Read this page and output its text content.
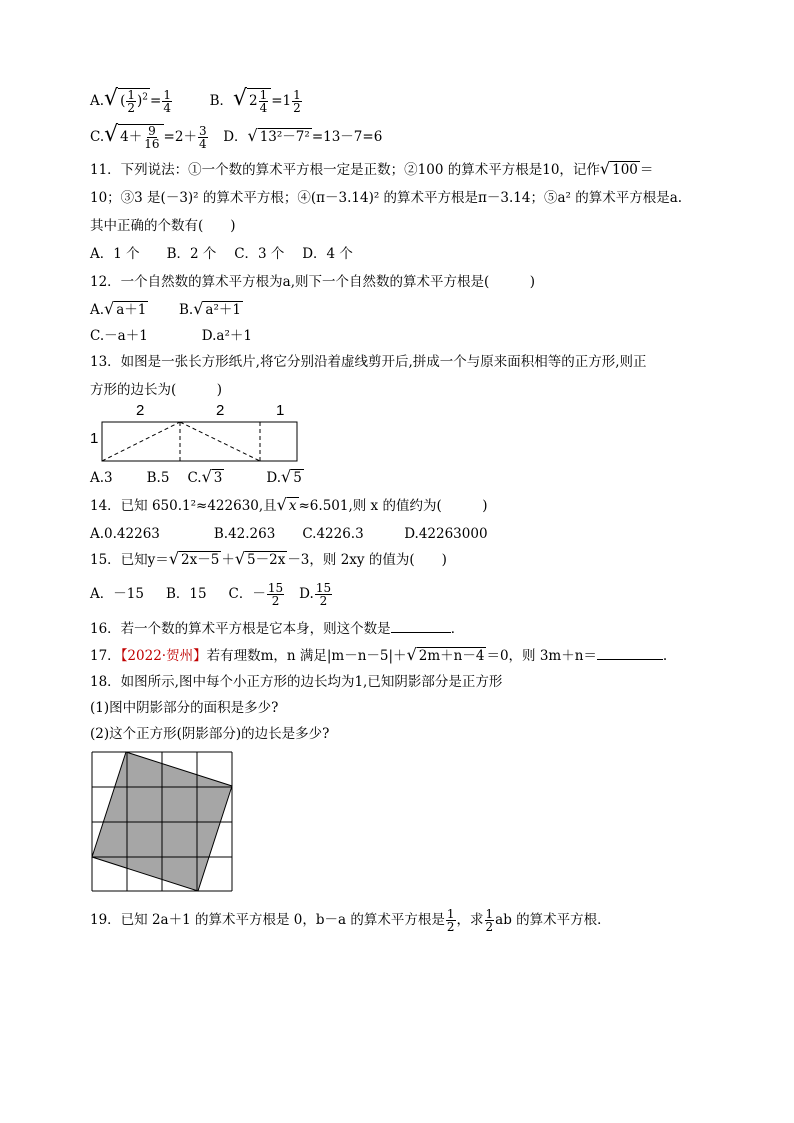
A.√ ( $\frac{1}{2} )^2 = \frac{1}{4}$	B．√ $2 \frac{1}{4} =1 \frac{1}{2}$
C.√ $4+ \frac{9}{16} =2+ \frac{3}{4}$ D．√ 13²－7² =13－7=6
11．下列说法：①一个数的算术平方根一定是正数；②100 的算术平方根是10，记作√ 100 ＝
10；③3 是(－3)² 的算术平方根；④(π－3.14)² 的算术平方根是π－3.14；⑤a² 的算术平方根是a.
其中正确的个数有(　　)
A．1 个　　B．2 个　 C．3 个　 D．4 个
12．一个自然数的算术平方根为a,则下一个自然数的算术平方根是(　　　)
A.√ a＋1 B.√ a²＋1
C.－a＋1	D.a²＋1
13．如图是一张长方形纸片,将它分别沿着虚线剪开后,拼成一个与原来面积相等的正方形,则正
方形的边长为(　　　)
2	2	1
1
A.3	B.5 C.√ 3	D.√ 5
14．已知 650.1²≈422630,且√ x ≈6.501,则 x 的值约为(　　　)
A.0.42263　　　　B.42.263　　C.4226.3　　　D.42263000
15．已知y＝√ 2x－5 ＋√ 5－2x －3，则 2xy 的值为(　　)
A．－15 B．15 C．－ $\frac{15}{2} D$. $\frac{15}{2}$
16．若一个数的算术平方根是它本身，则这个数是	．
17．【2022·贺州】若有理数m，n 满足|m－n－5|＋√ 2m＋n－4 ＝0，则 3m＋n＝	.
18．如图所示,图中每个小正方形的边长均为1,已知阴影部分是正方形
(1)图中阴影部分的面积是多少?
(2)这个正方形(阴影部分)的边长是多少?
19．已知 2a＋1 的算术平方根是 0，b－a 的算术平方根是 $\frac{1}{2}$ ，求 $\frac{1}{2}$ ab 的算术平方根．
